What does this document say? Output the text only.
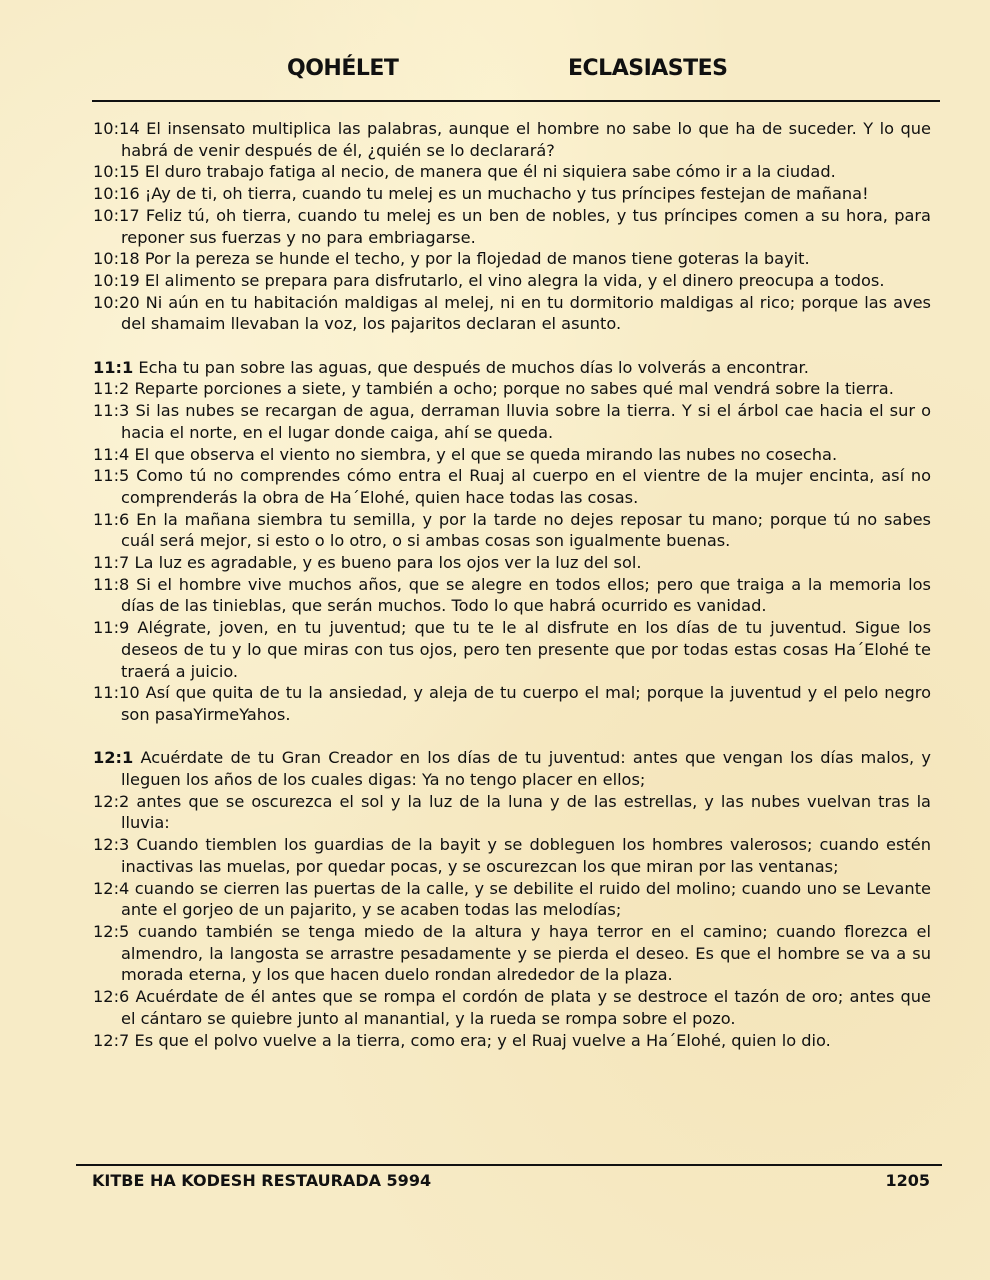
QOHÉLET	ECLASIASTES

10:14 El insensato multiplica las palabras, aunque el hombre no sabe lo que ha de suceder. Y lo que habrá de venir después de él, ¿quién se lo declarará?

10:15 El duro trabajo fatiga al necio, de manera que él ni siquiera sabe cómo ir a la ciudad.

10:16 ¡Ay de ti, oh tierra, cuando tu melej es un muchacho y tus príncipes festejan de mañana!

10:17 Feliz tú, oh tierra, cuando tu melej es un ben de nobles, y tus príncipes comen a su hora, para reponer sus fuerzas y no para embriagarse.

10:18 Por la pereza se hunde el techo, y por la flojedad de manos tiene goteras la bayit.

10:19 El alimento se prepara para disfrutarlo, el vino alegra la vida, y el dinero preocupa a todos.

10:20 Ni aún en tu habitación maldigas al melej, ni en tu dormitorio maldigas al rico; porque las aves del shamaim llevaban la voz, los pajaritos declaran el asunto.

11:1 Echa tu pan sobre las aguas, que después de muchos días lo volverás a encontrar.

11:2 Reparte porciones a siete, y también a ocho; porque no sabes qué mal vendrá sobre la tierra.

11:3 Si las nubes se recargan de agua, derraman lluvia sobre la tierra. Y si el árbol cae hacia el sur o hacia el norte, en el lugar donde caiga, ahí se queda.

11:4 El que observa el viento no siembra, y el que se queda mirando las nubes no cosecha.

11:5 Como tú no comprendes cómo entra el Ruaj al cuerpo en el vientre de la mujer encinta, así no comprenderás la obra de Ha´Elohé, quien hace todas las cosas.

11:6 En la mañana siembra tu semilla, y por la tarde no dejes reposar tu mano; porque tú no sabes cuál será mejor, si esto o lo otro, o si ambas cosas son igualmente buenas.

11:7 La luz es agradable, y es bueno para los ojos ver la luz del sol.

11:8 Si el hombre vive muchos años, que se alegre en todos ellos; pero que traiga a la memoria los días de las tinieblas, que serán muchos. Todo lo que habrá ocurrido es vanidad.

11:9 Alégrate, joven, en tu juventud; que tu te le al disfrute en los días de tu juventud. Sigue los deseos de tu y lo que miras con tus ojos, pero ten presente que por todas estas cosas Ha´Elohé te traerá a juicio.

11:10 Así que quita de tu la ansiedad, y aleja de tu cuerpo el mal; porque la juventud y el pelo negro son pasaYirmeYahos.

12:1 Acuérdate de tu Gran Creador en los días de tu juventud: antes que vengan los días malos, y lleguen los años de los cuales digas: Ya no tengo placer en ellos;

12:2 antes que se oscurezca el sol y la luz de la luna y de las estrellas, y las nubes vuelvan tras la lluvia:

12:3 Cuando tiemblen los guardias de la bayit y se dobleguen los hombres valerosos; cuando estén inactivas las muelas, por quedar pocas, y se oscurezcan los que miran por las ventanas;

12:4 cuando se cierren las puertas de la calle, y se debilite el ruido del molino; cuando uno se Levante ante el gorjeo de un pajarito, y se acaben todas las melodías;

12:5 cuando también se tenga miedo de la altura y haya terror en el camino; cuando florezca el almendro, la langosta se arrastre pesadamente y se pierda el deseo. Es que el hombre se va a su morada eterna, y los que hacen duelo rondan alrededor de la plaza.

12:6 Acuérdate de él antes que se rompa el cordón de plata y se destroce el tazón de oro; antes que el cántaro se quiebre junto al manantial, y la rueda se rompa sobre el pozo.

12:7 Es que el polvo vuelve a la tierra, como era; y el Ruaj vuelve a Ha´Elohé, quien lo dio.

KITBE HA KODESH RESTAURADA 5994	1205
